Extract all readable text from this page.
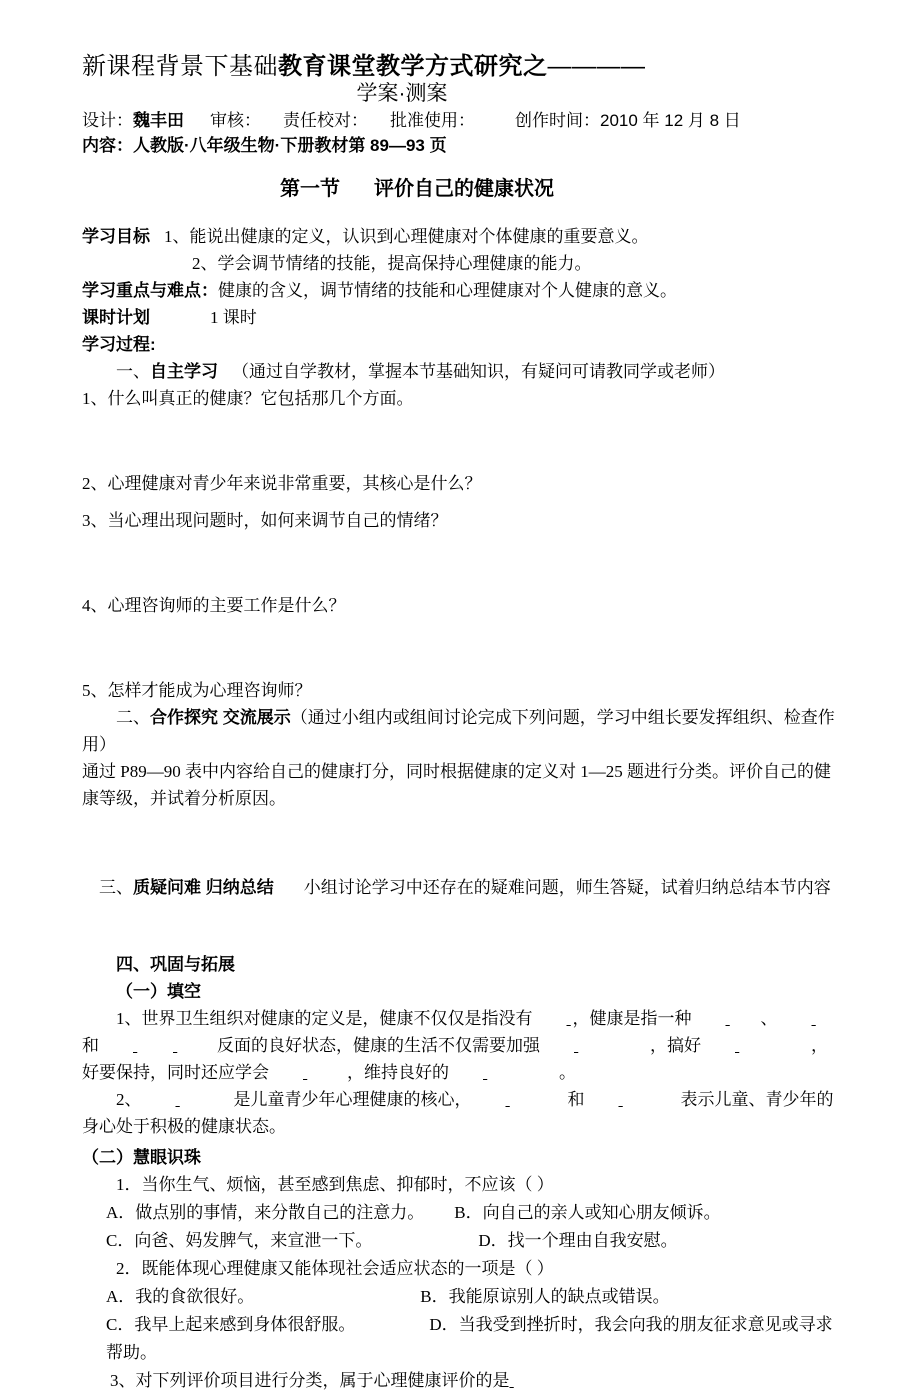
新课程背景下基础教育课堂教学方式研究之————
学案·测案
设计：魏丰田 审核： 责任校对： 批准使用： 创作时间：2010 年 12 月 8 日
内容：人教版·八年级生物·下册教材第 89—93 页
第一节 评价自己的健康状况
学习目标 1、能说出健康的定义，认识到心理健康对个体健康的重要意义。
2、学会调节情绪的技能，提高保持心理健康的能力。
学习重点与难点：健康的含义，调节情绪的技能和心理健康对个人健康的意义。
课时计划	1 课时
学习过程:
一、自主学习 （通过自学教材，掌握本节基础知识，有疑问可请教同学或老师）
1、什么叫真正的健康？它包括那几个方面。
2、心理健康对青少年来说非常重要，其核心是什么？
3、当心理出现问题时，如何来调节自己的情绪？
4、心理咨询师的主要工作是什么？
5、怎样才能成为心理咨询师？
二、合作探究 交流展示（通过小组内或组间讨论完成下列问题，学习中组长要发挥组织、检查作用）
通过 P89—90 表中内容给自己的健康打分，同时根据健康的定义对 1—25 题进行分类。评价自己的健康等级，并试着分析原因。
三、质疑问难 归纳总结 小组讨论学习中还存在的疑难问题，师生答疑，试着归纳总结本节内容
四、巩固与拓展
（一）填空
1、世界卫生组织对健康的定义是，健康不仅仅是指没有 ，健康是指一种	、 和	反面的良好状态，健康的生活不仅需要加强	，搞好	，好要保持，同时还应学会	，维持良好的	。
2、	是儿童青少年心理健康的核心，	和	表示儿童、青少年的身心处于积极的健康状态。
（二）慧眼识珠
1．当你生气、烦恼，甚至感到焦虑、抑郁时，不应该（ ）
A．做点别的事情，来分散自己的注意力。 B．向自己的亲人或知心朋友倾诉。
C．向爸、妈发脾气，来宣泄一下。	D．找一个理由自我安慰。
2．既能体现心理健康又能体现社会适应状态的一项是（ ）
A．我的食欲很好。	B．我能原谅别人的缺点或错误。
C．我早上起来感到身体很舒服。	D．当我受到挫折时，我会向我的朋友征求意见或寻求帮助。
3、对下列评价项目进行分类，属于心理健康评价的是
